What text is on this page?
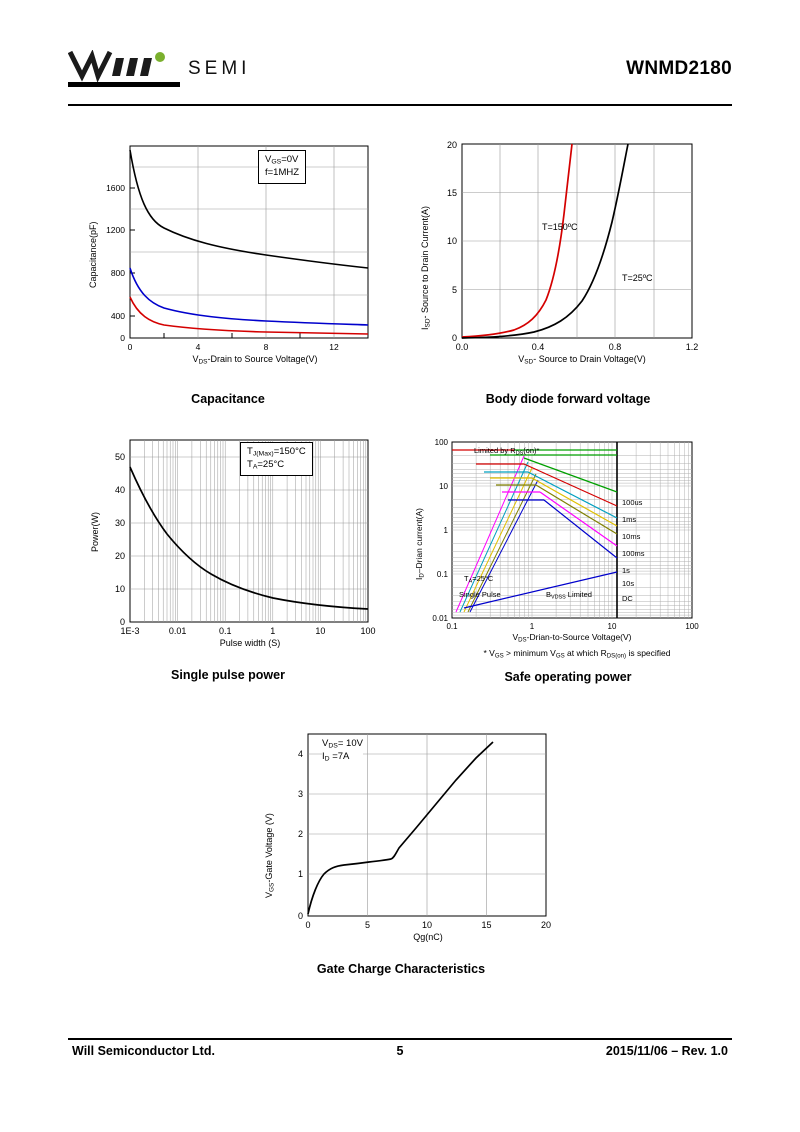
SEMI	WNMD2180
0	4	8	12
0
400
800
1200
1600
$V_{GS}=0V$
f=1MHZ
Capacitance(pF)
$V_{DS}$-Drain to Source Voltage(V)
Capacitance
0.0	0.4	0.8	1.2
0
5
10
15
20
T=150ºC
T=25ºC
$I_{SD}-$ Source to Drain Current(A)
$V_{SD}-$ Source to Drain Voltage(V)
Body diode forward voltage
1E-3	0.01	0.1	1	10	100
0
10
20
30
40
50	$T_{J(Max)}=150^\circ C$
$T_A=25^\circ C$
Power(W)
Pulse width (S)
Single pulse power
0.1	1	10	100
0.01
0.1
1
10
100
Limited by $R_{DS}(on)*$
100us
1ms
10ms
100ms
1s
10s
DC
$T_A=25^\circ C$
Single Pulse	$B_{VDSS}$ Limited
$I_D$–Drian current(A)
$V_{DS}-Drian-to$-Source Voltage(V)
* $V_{GS}$ > minimum $V_{GS}$ at which $R_{DS(on)}$ is specified
Safe operating power
0	5	10	15	20
0
1
2
3
4
$V_{DS}= 10V$
$I_D =7A$
$V_{GS}$-Gate Voltage (V)
Qg(nC)
Gate Charge Characteristics
Will Semiconductor Ltd.	5	2015/11/06 – Rev. 1.0
